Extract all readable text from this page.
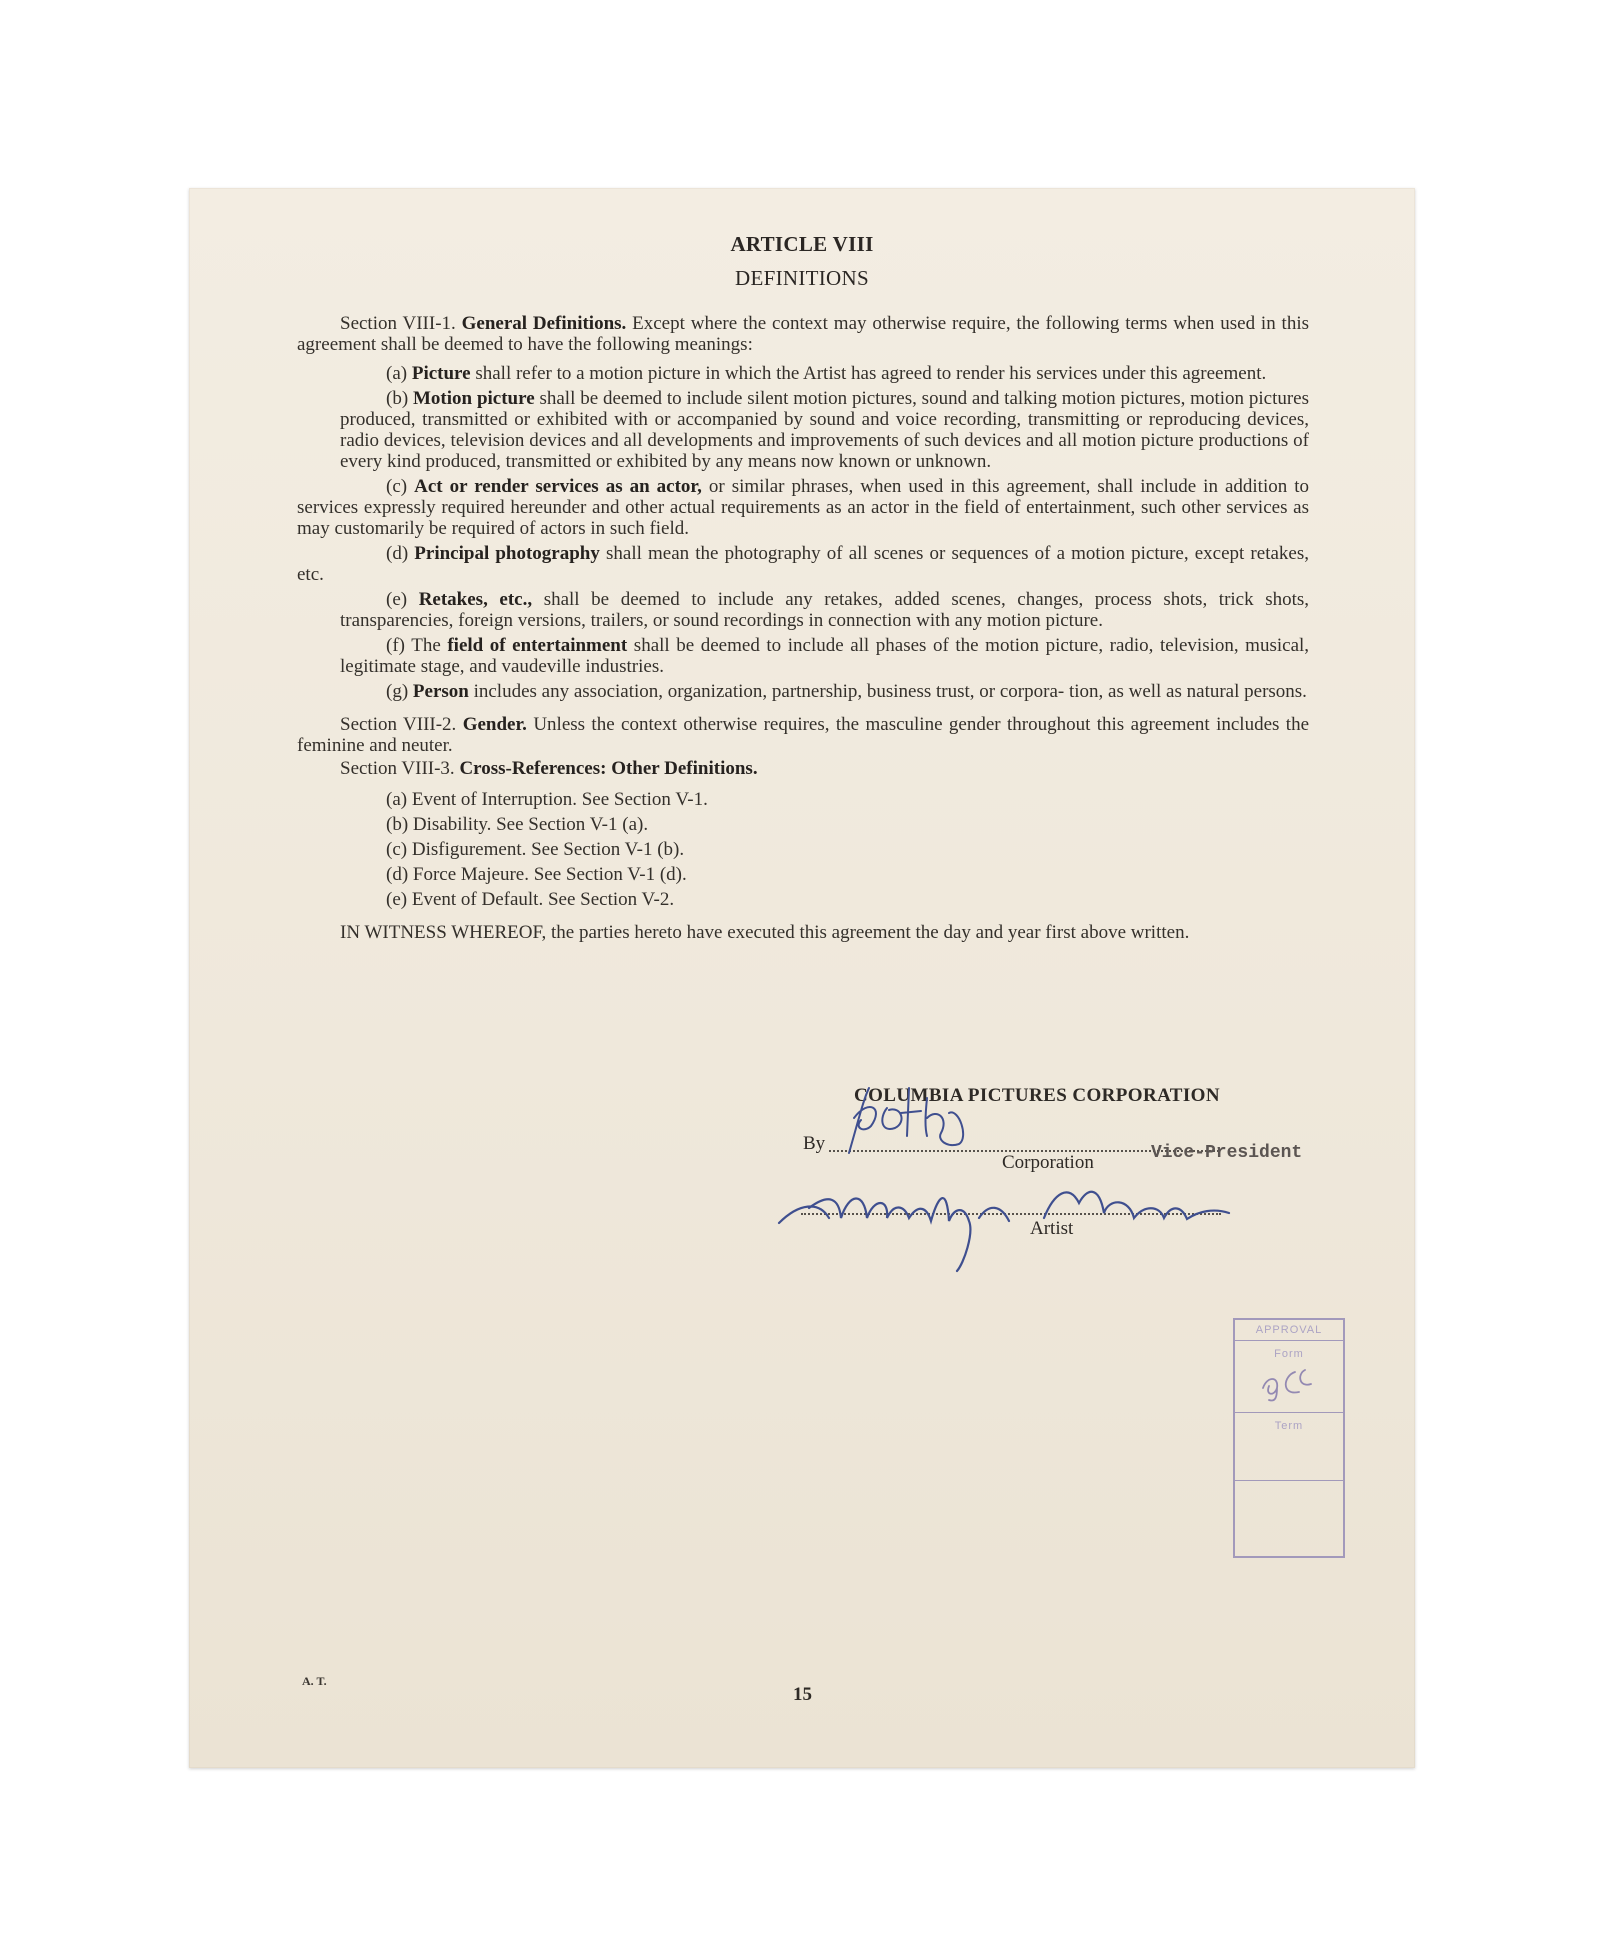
ARTICLE VIII
DEFINITIONS

Section VIII-1. General Definitions. Except where the context may otherwise require, the following terms when used in this agreement shall be deemed to have the following meanings:

(a) Picture shall refer to a motion picture in which the Artist has agreed to render his services under this agreement.

(b) Motion picture shall be deemed to include silent motion pictures, sound and talking motion pictures, motion pictures produced, transmitted or exhibited with or accompanied by sound and voice recording, transmitting or reproducing devices, radio devices, television devices and all developments and improvements of such devices and all motion picture productions of every kind produced, transmitted or exhibited by any means now known or unknown.

(c) Act or render services as an actor, or similar phrases, when used in this agreement, shall include in addition to services expressly required hereunder and other actual requirements as an actor in the field of entertainment, such other services as may customarily be required of actors in such field.

(d) Principal photography shall mean the photography of all scenes or sequences of a motion picture, except retakes, etc.

(e) Retakes, etc., shall be deemed to include any retakes, added scenes, changes, process shots, trick shots, transparencies, foreign versions, trailers, or sound recordings in connection with any motion picture.

(f) The field of entertainment shall be deemed to include all phases of the motion picture, radio, television, musical, legitimate stage, and vaudeville industries.

(g) Person includes any association, organization, partnership, business trust, or corpora- tion, as well as natural persons.

Section VIII-2. Gender. Unless the context otherwise requires, the masculine gender throughout this agreement includes the feminine and neuter.

Section VIII-3. Cross-References: Other Definitions.

(a) Event of Interruption. See Section V-1.

(b) Disability. See Section V-1 (a).

(c) Disfigurement. See Section V-1 (b).

(d) Force Majeure. See Section V-1 (d).

(e) Event of Default. See Section V-2.

IN WITNESS WHEREOF, the parties hereto have executed this agreement the day and year first above written.

COLUMBIA PICTURES CORPORATION
By
Corporation	Vice-President
Artist
APPROVAL
Form
Term
A. T.
15
